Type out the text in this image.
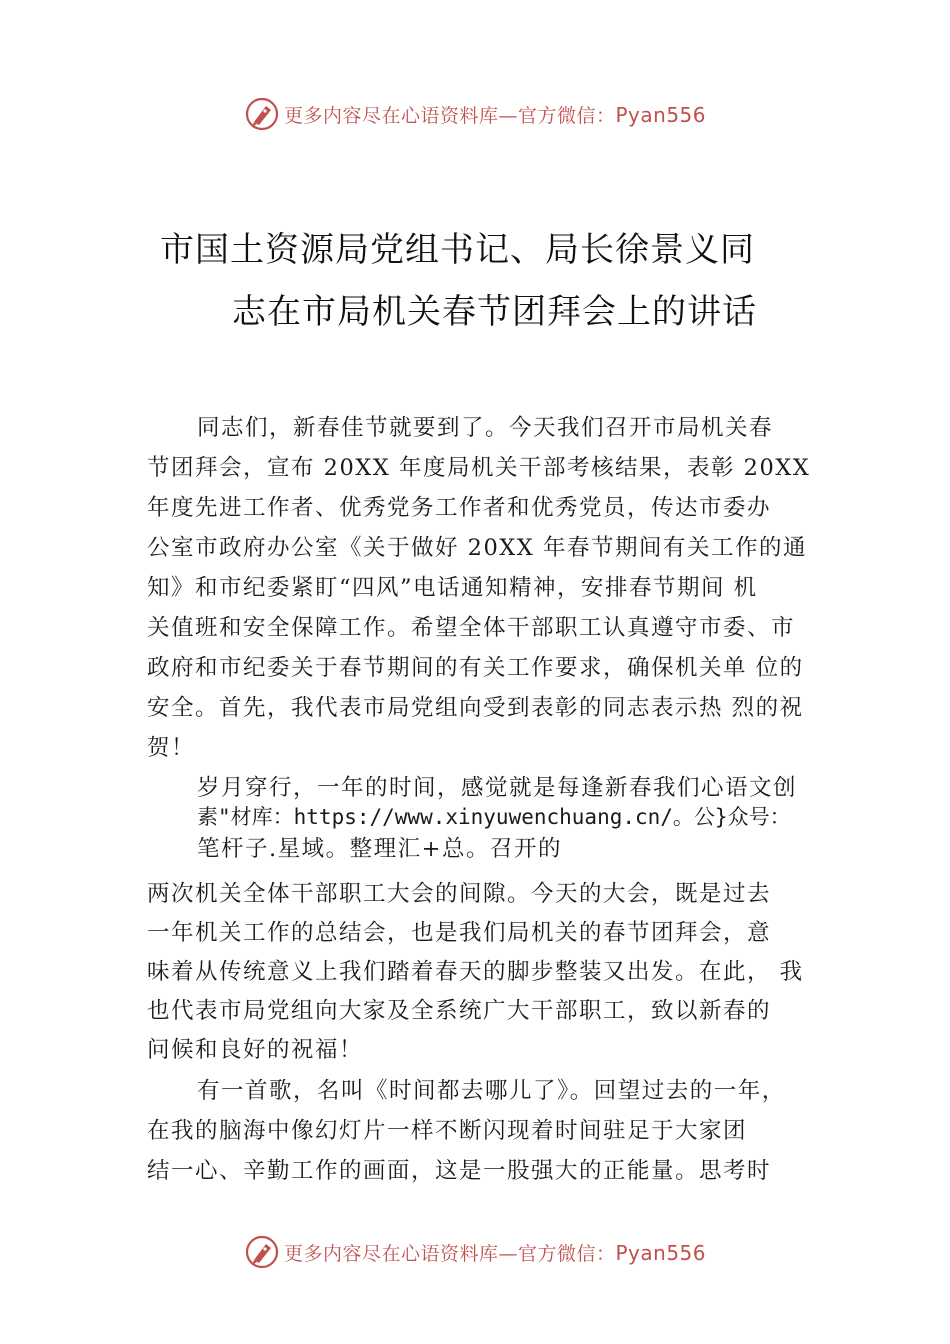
更多内容尽在心语资料库—官方微信：Pyan556
市国土资源局党组书记、局长徐景义同
志在市局机关春节团拜会上的讲话
同志们，新春佳节就要到了。今天我们召开市局机关春
节团拜会，宣布 20XX 年度局机关干部考核结果，表彰 20XX
年度先进工作者、优秀党务工作者和优秀党员，传达市委办
公室市政府办公室《关于做好 20XX 年春节期间有关工作的通
知》和市纪委紧盯“四风”电话通知精神，安排春节期间 机
关值班和安全保障工作。希望全体干部职工认真遵守市委、市
政府和市纪委关于春节期间的有关工作要求，确保机关单 位的
安全。首先，我代表市局党组向受到表彰的同志表示热 烈的祝
贺！
岁月穿行，一年的时间，感觉就是每逢新春我们心语文创
素"材库：https://www.xinyuwenchuang.cn/。公}众号：
笔杆子.星域。整理汇+总。召开的
两次机关全体干部职工大会的间隙。今天的大会，既是过去
一年机关工作的总结会，也是我们局机关的春节团拜会，意
味着从传统意义上我们踏着春天的脚步整装又出发。在此， 我
也代表市局党组向大家及全系统广大干部职工，致以新春的
问候和良好的祝福！
有一首歌，名叫《时间都去哪儿了》。回望过去的一年，
在我的脑海中像幻灯片一样不断闪现着时间驻足于大家团
结一心、辛勤工作的画面，这是一股强大的正能量。思考时
更多内容尽在心语资料库—官方微信：Pyan556
